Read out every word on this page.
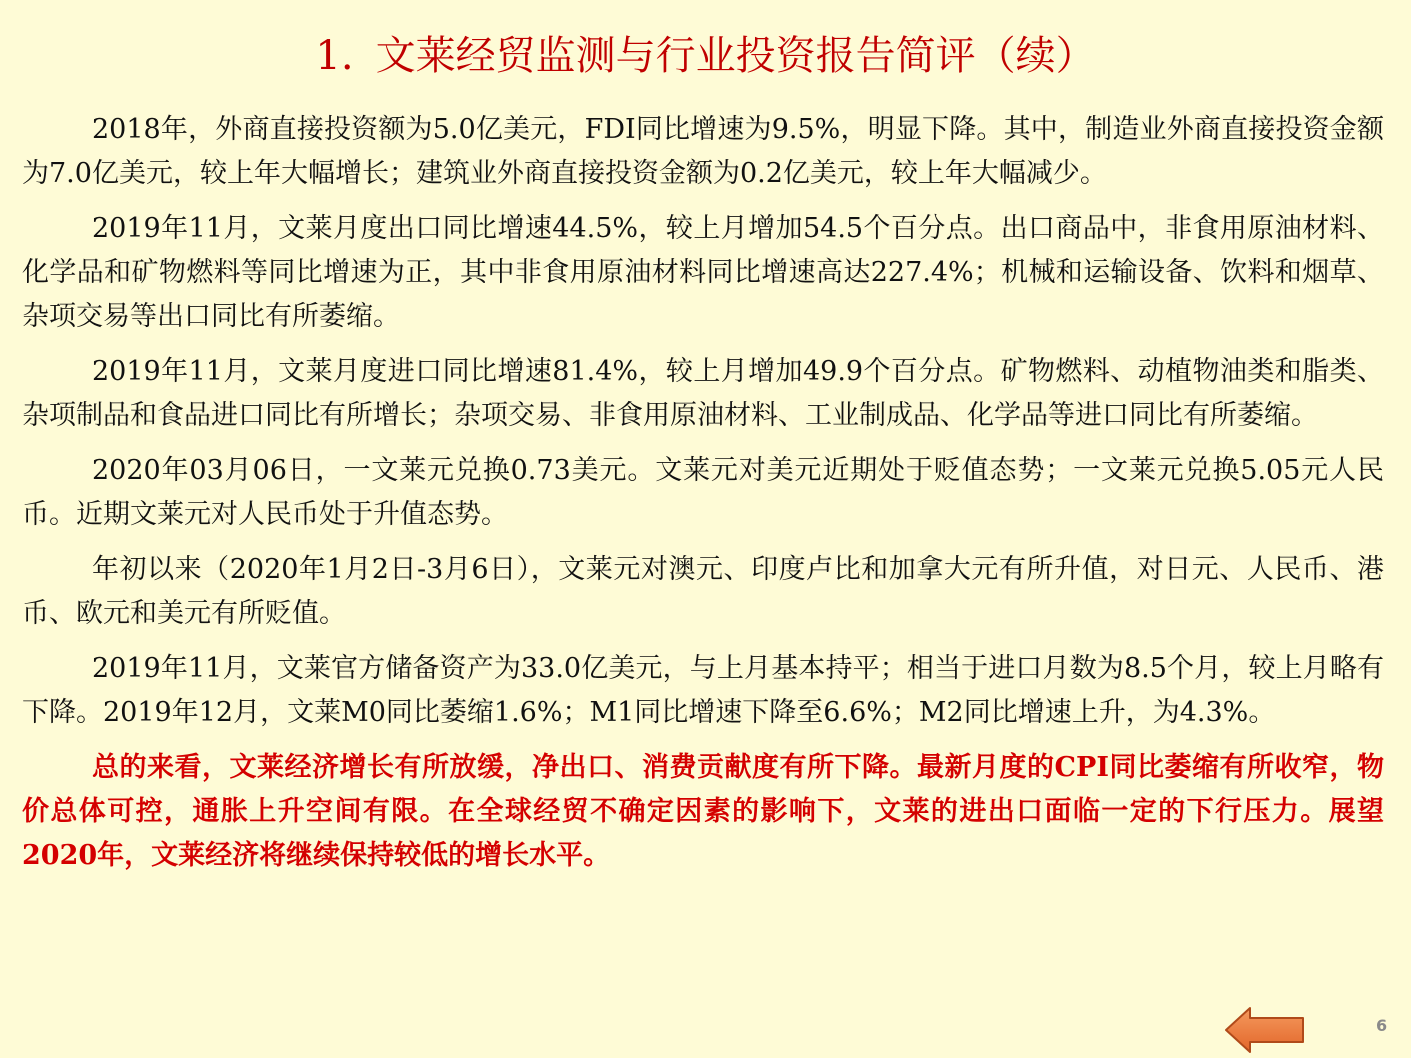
1. 文莱经贸监测与行业投资报告简评（续）

2018年，外商直接投资额为5.0亿美元，FDI同比增速为9.5%，明显下降。其中，制造业外商直接投资金额为7.0亿美元，较上年大幅增长；建筑业外商直接投资金额为0.2亿美元，较上年大幅减少。

2019年11月，文莱月度出口同比增速44.5%，较上月增加54.5个百分点。出口商品中，非食用原油材料、化学品和矿物燃料等同比增速为正，其中非食用原油材料同比增速高达227.4%；机械和运输设备、饮料和烟草、杂项交易等出口同比有所萎缩。

2019年11月，文莱月度进口同比增速81.4%，较上月增加49.9个百分点。矿物燃料、动植物油类和脂类、杂项制品和食品进口同比有所增长；杂项交易、非食用原油材料、工业制成品、化学品等进口同比有所萎缩。

2020年03月06日，一文莱元兑换0.73美元。文莱元对美元近期处于贬值态势；一文莱元兑换5.05元人民币。近期文莱元对人民币处于升值态势。

年初以来（2020年1月2日-3月6日），文莱元对澳元、印度卢比和加拿大元有所升值，对日元、人民币、港币、欧元和美元有所贬值。

2019年11月，文莱官方储备资产为33.0亿美元，与上月基本持平；相当于进口月数为8.5个月，较上月略有下降。2019年12月，文莱M0同比萎缩1.6%；M1同比增速下降至6.6%；M2同比增速上升，为4.3%。

总的来看，文莱经济增长有所放缓，净出口、消费贡献度有所下降。最新月度的CPI同比萎缩有所收窄，物价总体可控，通胀上升空间有限。在全球经贸不确定因素的影响下，文莱的进出口面临一定的下行压力。展望2020年，文莱经济将继续保持较低的增长水平。

6
